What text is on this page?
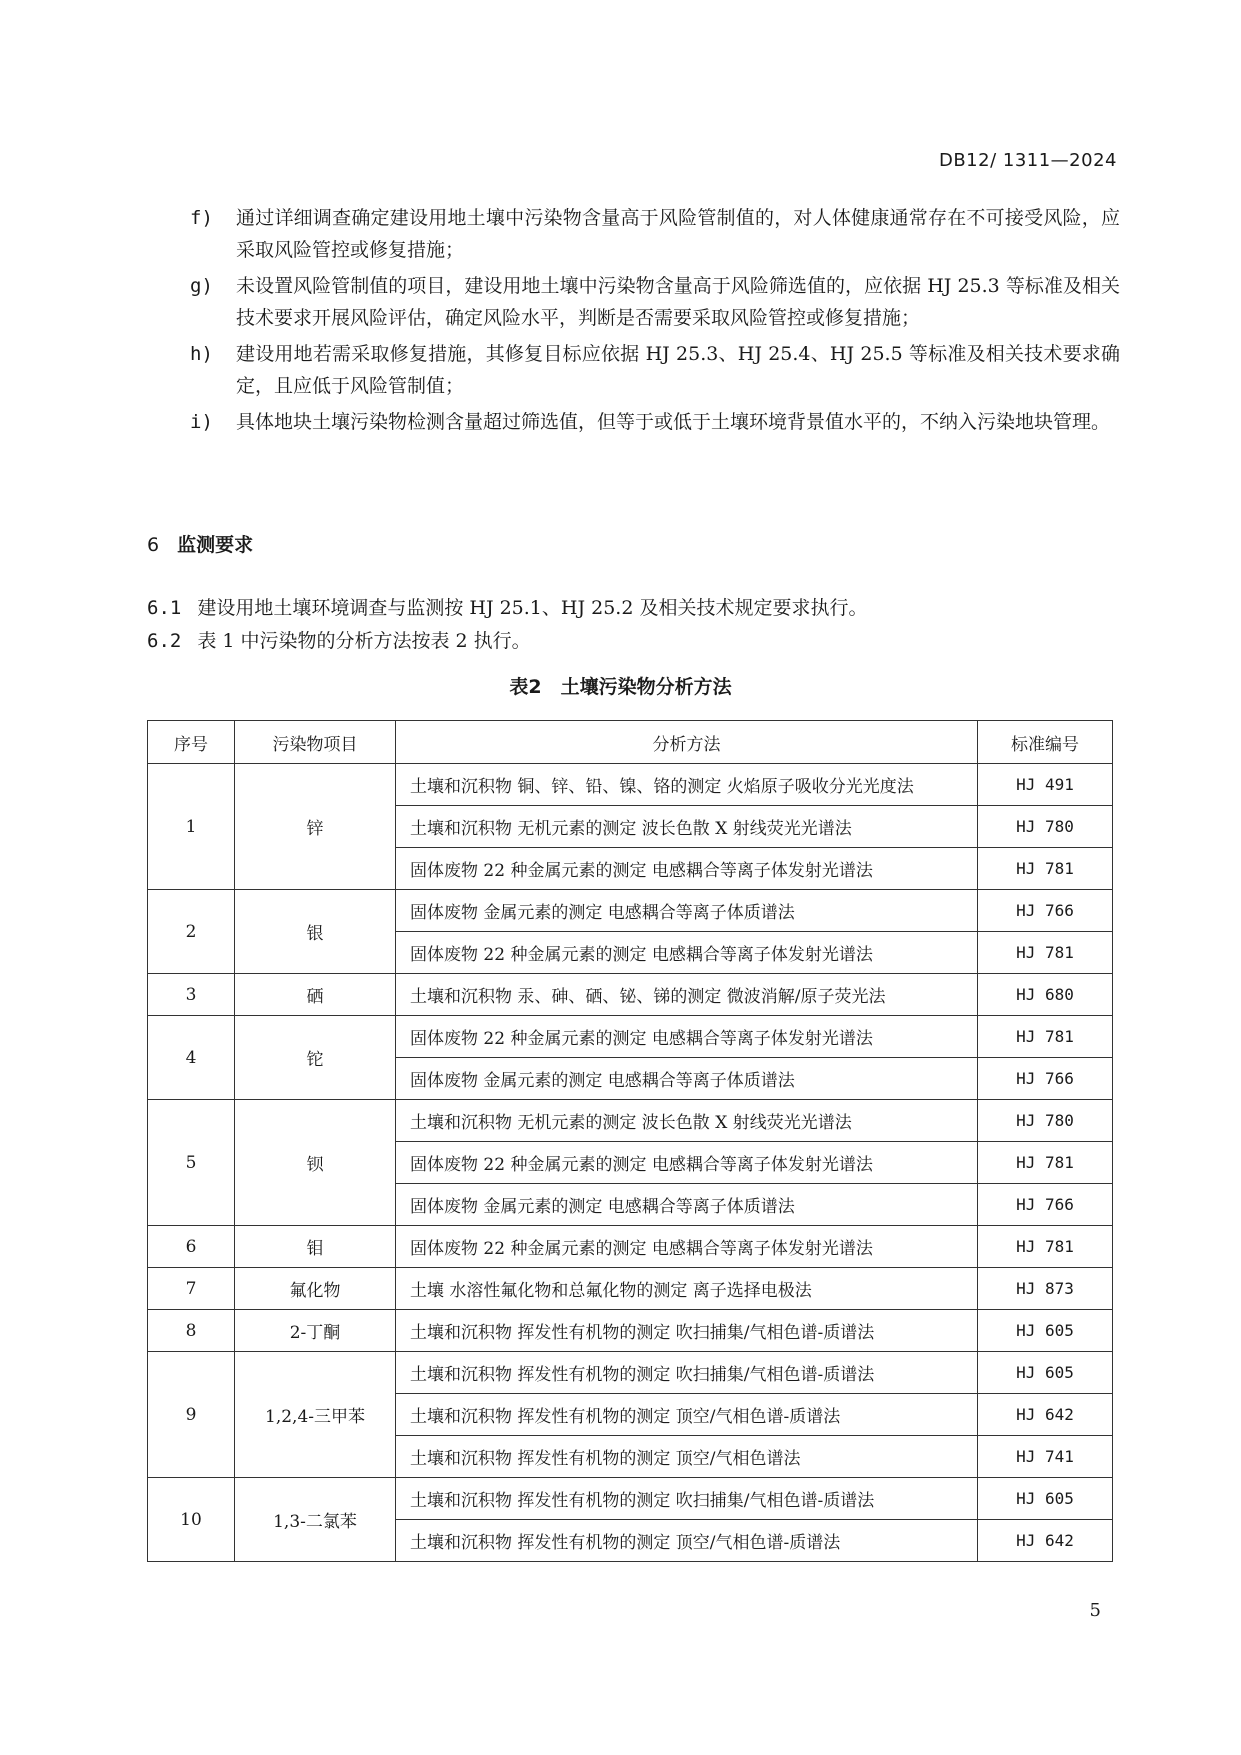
DB12/ 1311—2024
f)	通过详细调查确定建设用地土壤中污染物含量高于风险管制值的，对人体健康通常存在不可接受风险，应采取风险管控或修复措施；
g)	未设置风险管制值的项目，建设用地土壤中污染物含量高于风险筛选值的，应依据 HJ 25.3 等标准及相关技术要求开展风险评估，确定风险水平，判断是否需要采取风险管控或修复措施；
h)	建设用地若需采取修复措施，其修复目标应依据 HJ 25.3、HJ 25.4、HJ 25.5 等标准及相关技术要求确定，且应低于风险管制值；
i)	具体地块土壤污染物检测含量超过筛选值，但等于或低于土壤环境背景值水平的，不纳入污染地块管理。
6 监测要求
6.1 建设用地土壤环境调查与监测按 HJ 25.1、HJ 25.2 及相关技术规定要求执行。
6.2 表 1 中污染物的分析方法按表 2 执行。
表2　土壤污染物分析方法
序号	污染物项目	分析方法	标准编号
1	锌	土壤和沉积物 铜、锌、铅、镍、铬的测定 火焰原子吸收分光光度法	HJ 491
		土壤和沉积物 无机元素的测定 波长色散 X 射线荧光光谱法	HJ 780
		固体废物 22 种金属元素的测定 电感耦合等离子体发射光谱法	HJ 781
2	银	固体废物 金属元素的测定 电感耦合等离子体质谱法	HJ 766
		固体废物 22 种金属元素的测定 电感耦合等离子体发射光谱法	HJ 781
3	硒	土壤和沉积物 汞、砷、硒、铋、锑的测定 微波消解/原子荧光法	HJ 680
4	铊	固体废物 22 种金属元素的测定 电感耦合等离子体发射光谱法	HJ 781
		固体废物 金属元素的测定 电感耦合等离子体质谱法	HJ 766
5	钡	土壤和沉积物 无机元素的测定 波长色散 X 射线荧光光谱法	HJ 780
		固体废物 22 种金属元素的测定 电感耦合等离子体发射光谱法	HJ 781
		固体废物 金属元素的测定 电感耦合等离子体质谱法	HJ 766
6	钼	固体废物 22 种金属元素的测定 电感耦合等离子体发射光谱法	HJ 781
7	氟化物	土壤 水溶性氟化物和总氟化物的测定 离子选择电极法	HJ 873
8	2-丁酮	土壤和沉积物 挥发性有机物的测定 吹扫捕集/气相色谱-质谱法	HJ 605
9	1,2,4-三甲苯	土壤和沉积物 挥发性有机物的测定 吹扫捕集/气相色谱-质谱法	HJ 605
		土壤和沉积物 挥发性有机物的测定 顶空/气相色谱-质谱法	HJ 642
		土壤和沉积物 挥发性有机物的测定 顶空/气相色谱法	HJ 741
10	1,3-二氯苯	土壤和沉积物 挥发性有机物的测定 吹扫捕集/气相色谱-质谱法	HJ 605
		土壤和沉积物 挥发性有机物的测定 顶空/气相色谱-质谱法	HJ 642
5
